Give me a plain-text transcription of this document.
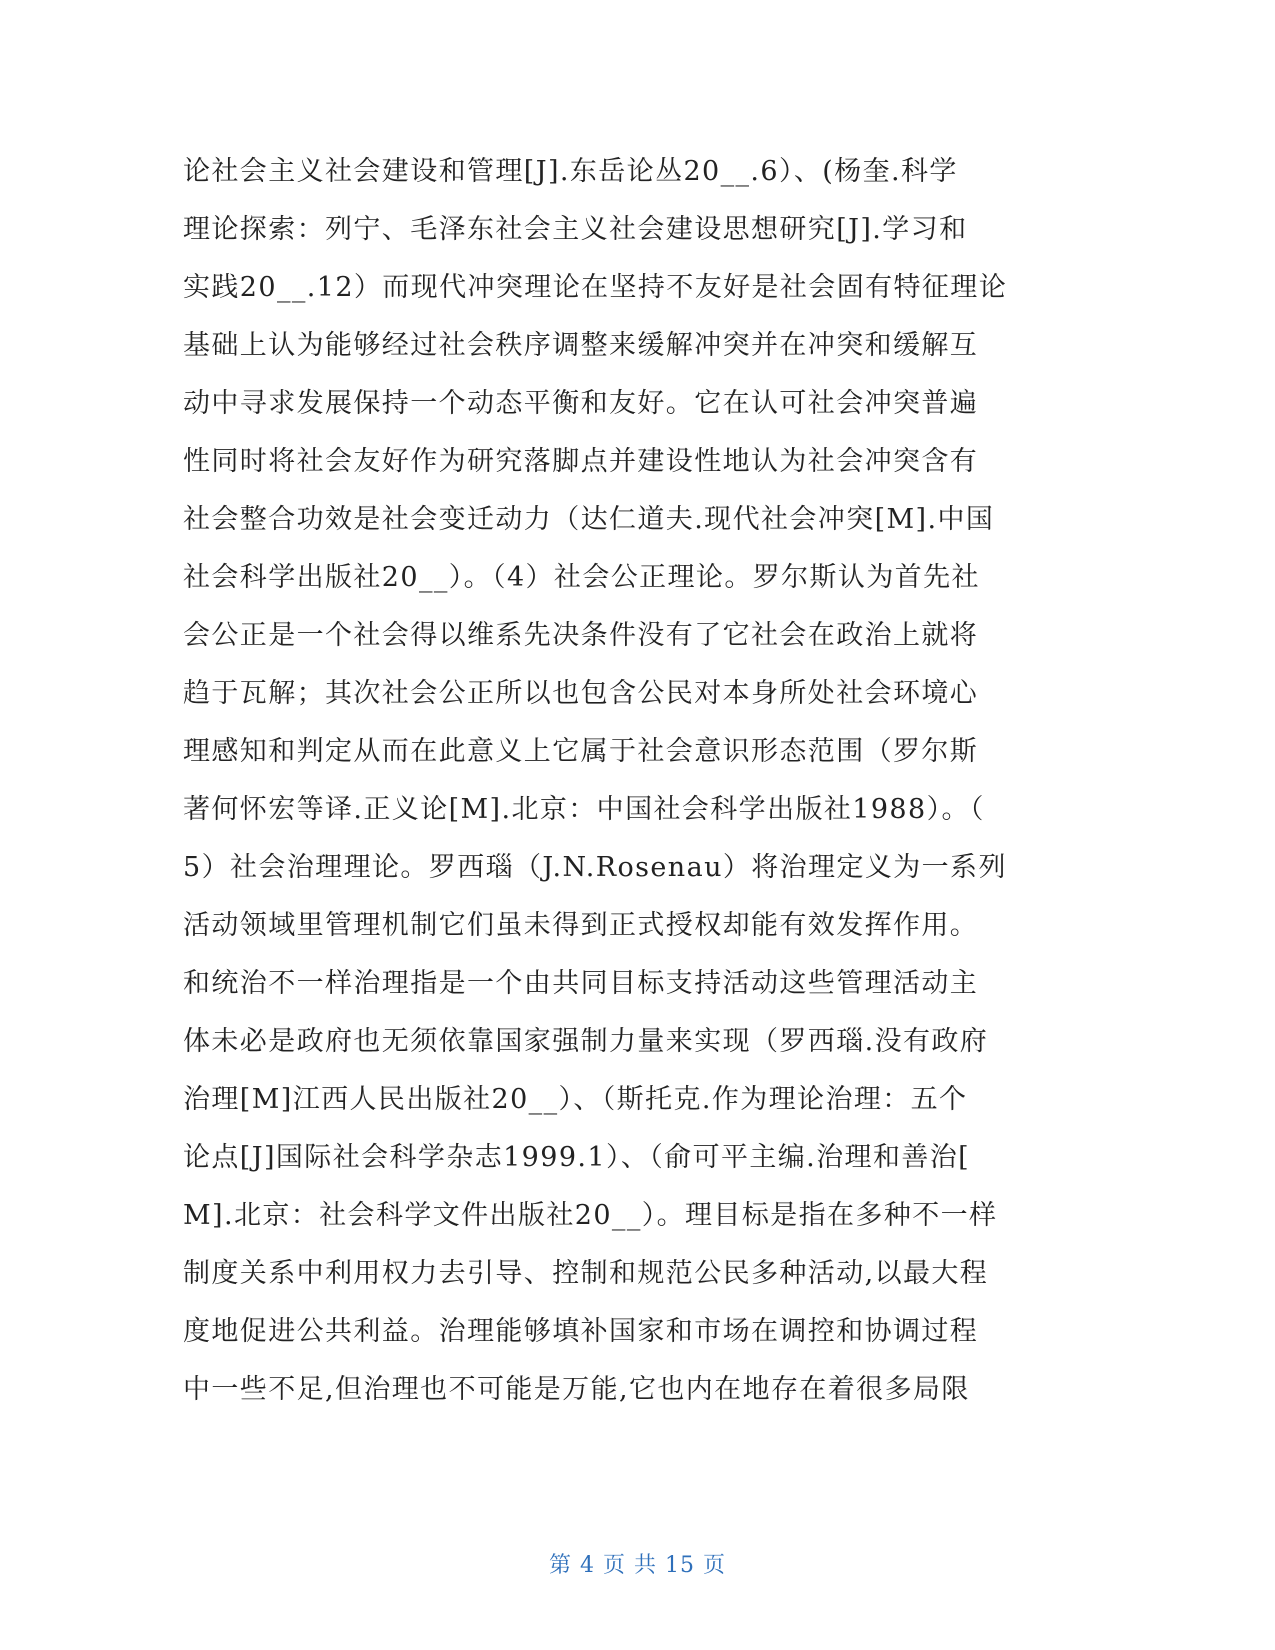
论社会主义社会建设和管理[J].东岳论丛20__.6）、(杨奎.科学
理论探索：列宁、毛泽东社会主义社会建设思想研究[J].学习和
实践20__.12）而现代冲突理论在坚持不友好是社会固有特征理论
基础上认为能够经过社会秩序调整来缓解冲突并在冲突和缓解互
动中寻求发展保持一个动态平衡和友好。它在认可社会冲突普遍
性同时将社会友好作为研究落脚点并建设性地认为社会冲突含有
社会整合功效是社会变迁动力（达仁道夫.现代社会冲突[M].中国
社会科学出版社20__）。（4）社会公正理论。罗尔斯认为首先社
会公正是一个社会得以维系先决条件没有了它社会在政治上就将
趋于瓦解；其次社会公正所以也包含公民对本身所处社会环境心
理感知和判定从而在此意义上它属于社会意识形态范围（罗尔斯
著何怀宏等译.正义论[M].北京：中国社会科学出版社1988）。（
5）社会治理理论。罗西瑙（J.N.Rosenau）将治理定义为一系列
活动领域里管理机制它们虽未得到正式授权却能有效发挥作用。
和统治不一样治理指是一个由共同目标支持活动这些管理活动主
体未必是政府也无须依靠国家强制力量来实现（罗西瑙.没有政府
治理[M]江西人民出版社20__）、（斯托克.作为理论治理：五个
论点[J]国际社会科学杂志1999.1）、（俞可平主编.治理和善治[
M].北京：社会科学文件出版社20__）。理目标是指在多种不一样
制度关系中利用权力去引导、控制和规范公民多种活动,以最大程
度地促进公共利益。治理能够填补国家和市场在调控和协调过程
中一些不足,但治理也不可能是万能,它也内在地存在着很多局限
第 4 页 共 15 页
